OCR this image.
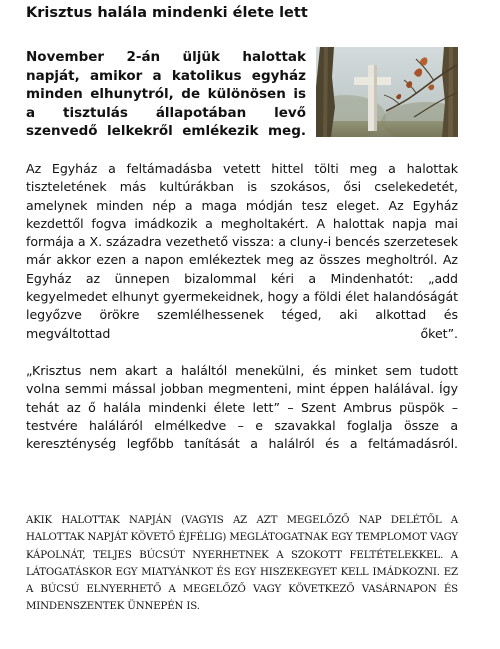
Krisztus halála mindenki élete lett
November 2-án üljük halottak napját, amikor a katolikus egyház minden elhunytról, de különösen is a tisztulás állapotában levő szenvedő lelkekről emlékezik meg.
Az Egyház a feltámadásba vetett hittel tölti meg a halottak tiszteletének más kultúrákban is szokásos, ősi cselekedetét, amelynek minden nép a maga módján tesz eleget. Az Egyház kezdettől fogva imádkozik a megholtakért. A halottak napja mai formája a X. századra vezethető vissza: a cluny-i bencés szerzetesek már akkor ezen a napon emlékeztek meg az összes megholtról. Az Egyház az ünnepen bizalommal kéri a Mindenhatót: „add kegyelmedet elhunyt gyermekeidnek, hogy a földi élet halandóságát legyőzve örökre szemlélhessenek téged, aki alkottad és megváltottad őket”.
„Krisztus nem akart a haláltól menekülni, és minket sem tudott volna semmi mással jobban megmenteni, mint éppen halálával. Így tehát az ő halála mindenki élete lett” – Szent Ambrus püspök – testvére haláláról elmélkedve – e szavakkal foglalja össze a kereszténység legfőbb tanítását a halálról és a feltámadásról.
AKIK HALOTTAK NAPJÁN (VAGYIS AZ AZT MEGELŐZŐ NAP DELÉTŐL A HALOTTAK NAPJÁT KÖVETŐ ÉJFÉLIG) MEGLÁTOGATNAK EGY TEMPLOMOT VAGY KÁPOLNÁT, TELJES BÚCSÚT NYERHETNEK A SZOKOTT FELTÉTELEKKEL. A LÁTOGATÁSKOR EGY MIATYÁNKOT ÉS EGY HISZEKEGYET KELL IMÁDKOZNI. EZ A BÚCSÚ ELNYERHETŐ A MEGELŐZŐ VAGY KÖVETKEZŐ VASÁRNAPON ÉS MINDENSZENTEK ÜNNEPÉN IS.
